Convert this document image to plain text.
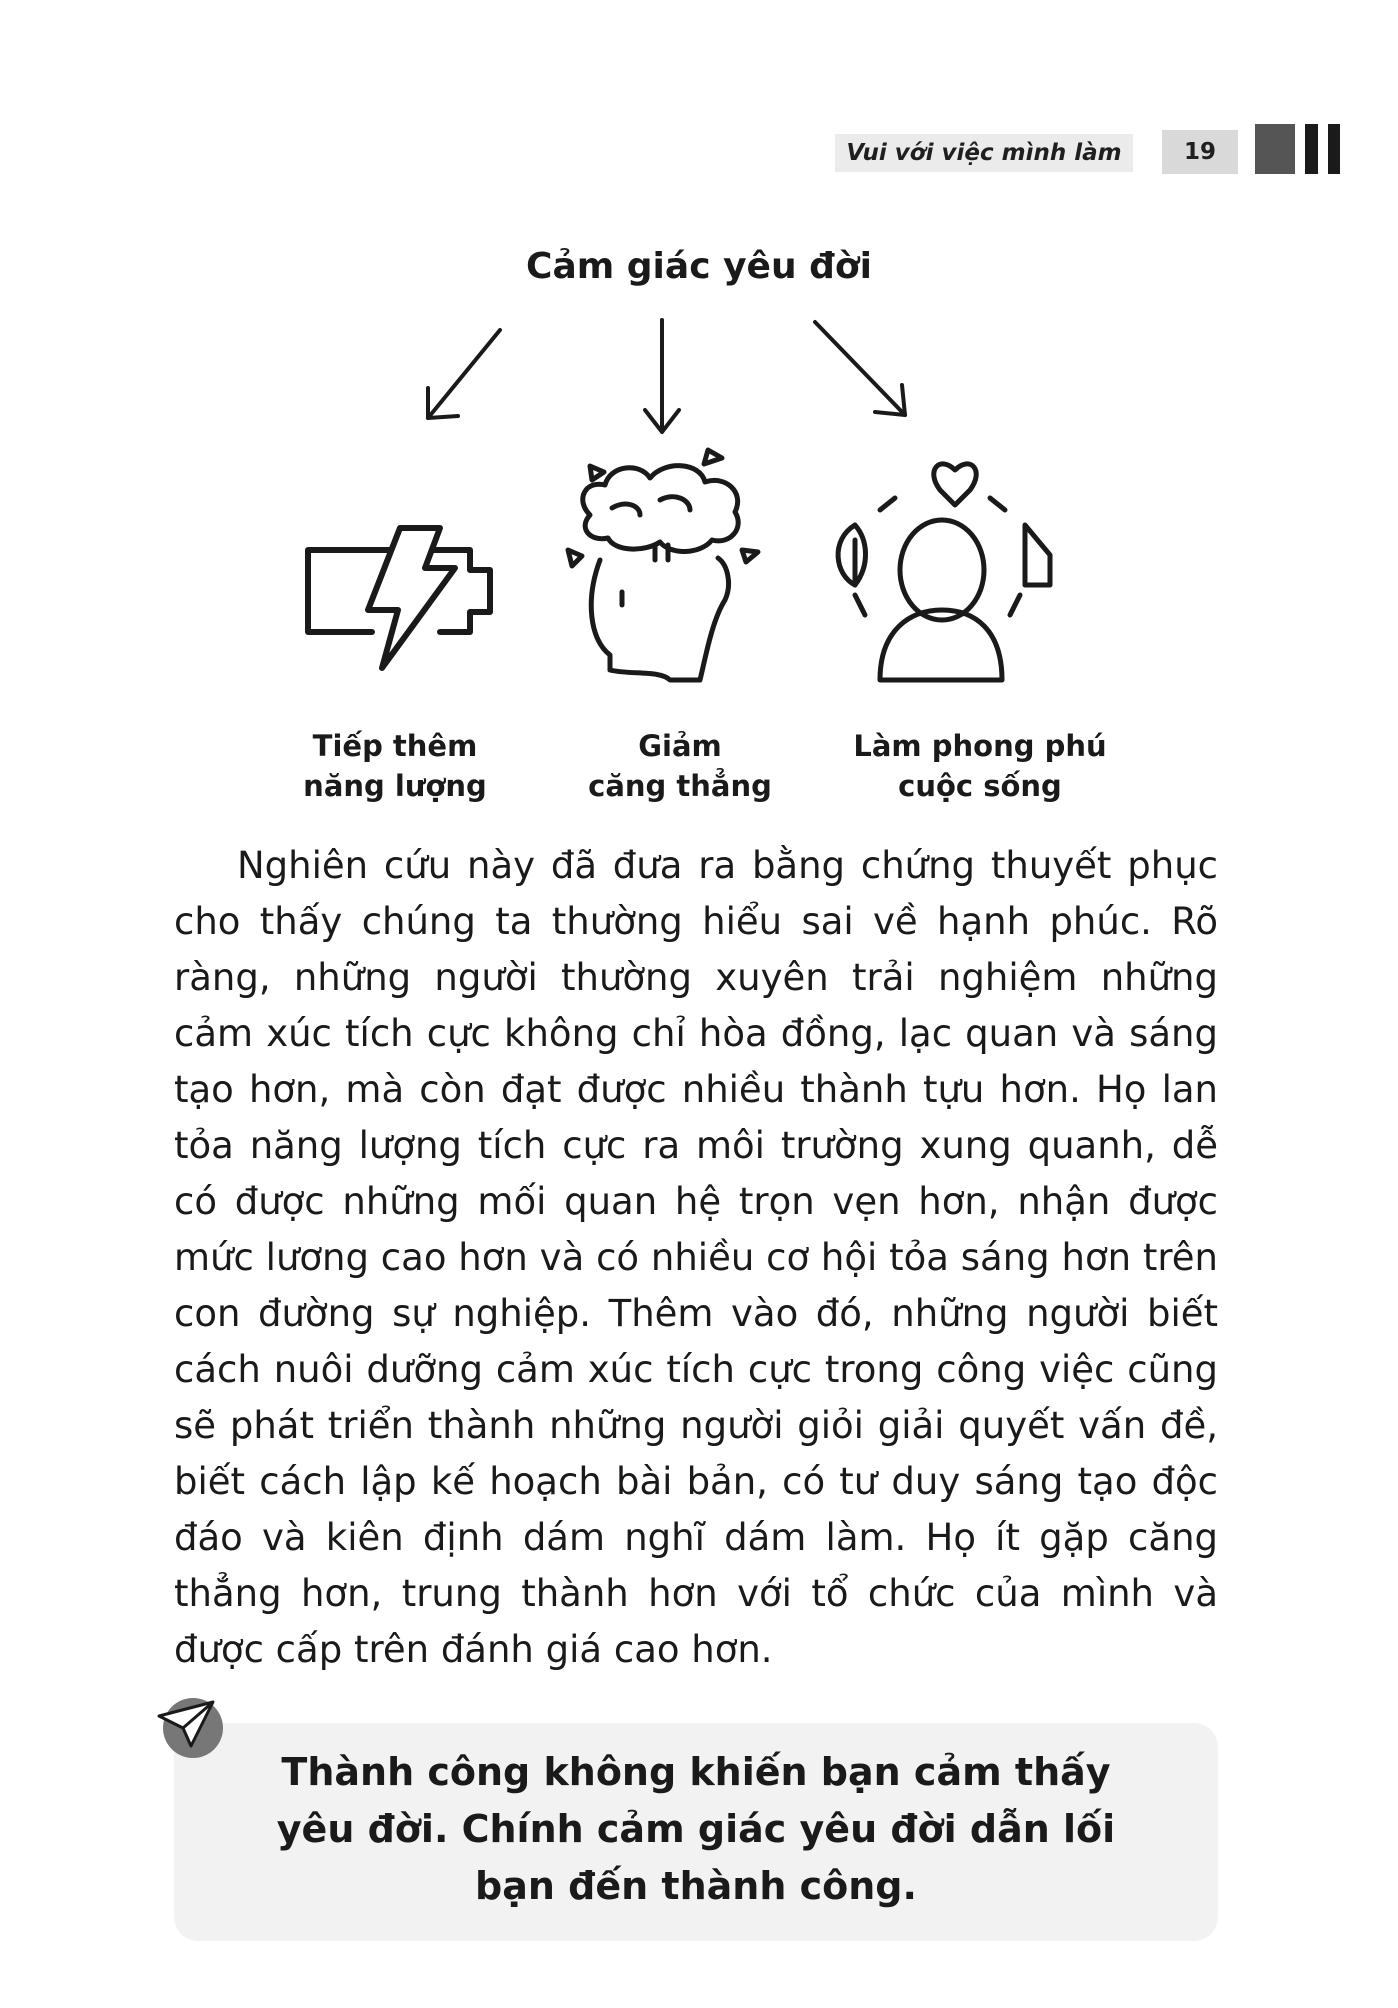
Vui với việc mình làm	19
Cảm giác yêu đời
Tiếp thêm
năng lượng
Giảm
căng thẳng
Làm phong phú
cuộc sống
Nghiên cứu này đã đưa ra bằng chứng thuyết phục cho thấy chúng ta thường hiểu sai về hạnh phúc. Rõ ràng, những người thường xuyên trải nghiệm những cảm xúc tích cực không chỉ hòa đồng, lạc quan và sáng tạo hơn, mà còn đạt được nhiều thành tựu hơn. Họ lan tỏa năng lượng tích cực ra môi trường xung quanh, dễ có được những mối quan hệ trọn vẹn hơn, nhận được mức lương cao hơn và có nhiều cơ hội tỏa sáng hơn trên con đường sự nghiệp. Thêm vào đó, những người biết cách nuôi dưỡng cảm xúc tích cực trong công việc cũng sẽ phát triển thành những người giỏi giải quyết vấn đề, biết cách lập kế hoạch bài bản, có tư duy sáng tạo độc đáo và kiên định dám nghĩ dám làm. Họ ít gặp căng thẳng hơn, trung thành hơn với tổ chức của mình và được cấp trên đánh giá cao hơn.
Thành công không khiến bạn cảm thấy
yêu đời. Chính cảm giác yêu đời dẫn lối
bạn đến thành công.
